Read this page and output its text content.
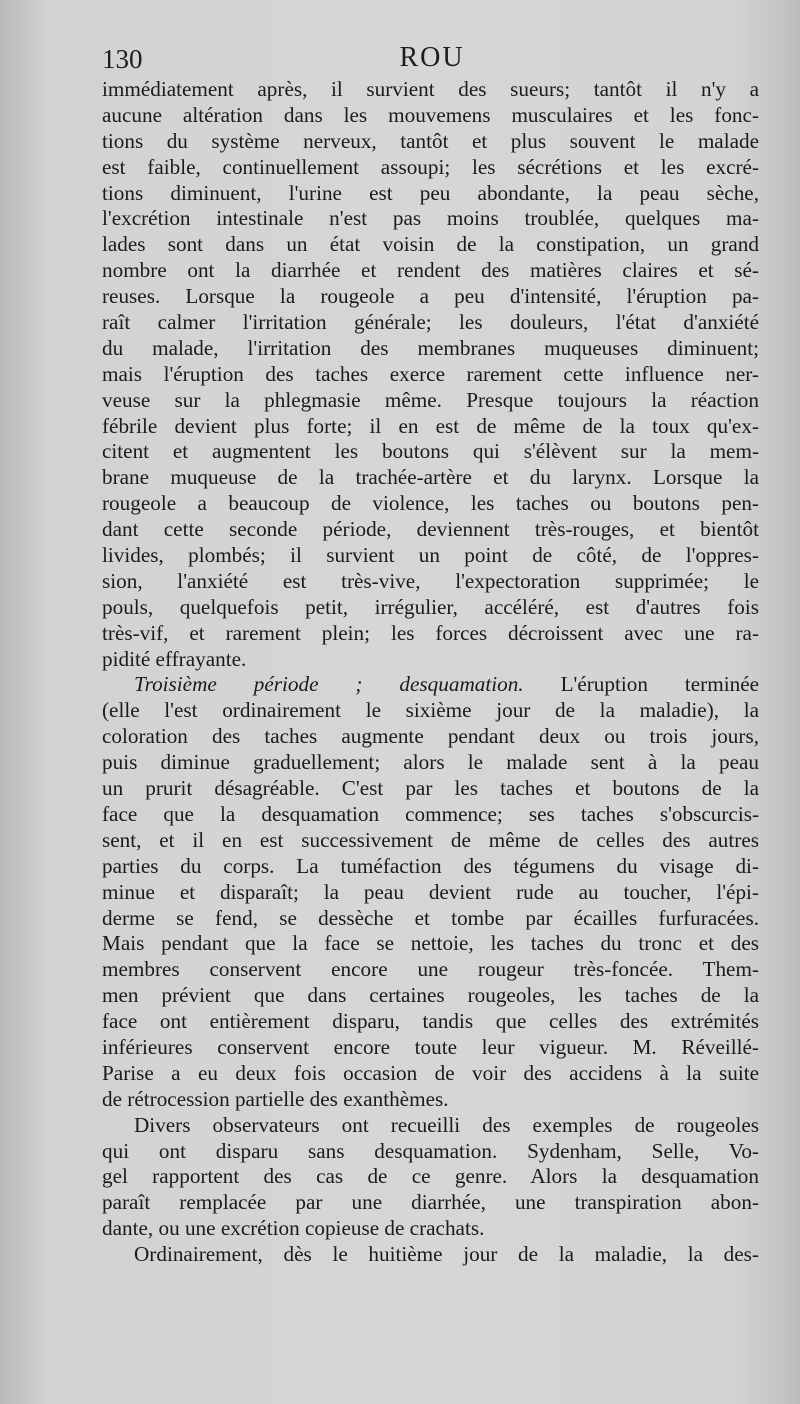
130	ROU
immédiatement après, il survient des sueurs; tantôt il n'y a
aucune altération dans les mouvemens musculaires et les fonc-
tions du système nerveux, tantôt et plus souvent le malade
est faible, continuellement assoupi; les sécrétions et les excré-
tions diminuent, l'urine est peu abondante, la peau sèche,
l'excrétion intestinale n'est pas moins troublée, quelques ma-
lades sont dans un état voisin de la constipation, un grand
nombre ont la diarrhée et rendent des matières claires et sé-
reuses. Lorsque la rougeole a peu d'intensité, l'éruption pa-
raît calmer l'irritation générale; les douleurs, l'état d'anxiété
du malade, l'irritation des membranes muqueuses diminuent;
mais l'éruption des taches exerce rarement cette influence ner-
veuse sur la phlegmasie même. Presque toujours la réaction
fébrile devient plus forte; il en est de même de la toux qu'ex-
citent et augmentent les boutons qui s'élèvent sur la mem-
brane muqueuse de la trachée-artère et du larynx. Lorsque la
rougeole a beaucoup de violence, les taches ou boutons pen-
dant cette seconde période, deviennent très-rouges, et bientôt
livides, plombés; il survient un point de côté, de l'oppres-
sion, l'anxiété est très-vive, l'expectoration supprimée; le
pouls, quelquefois petit, irrégulier, accéléré, est d'autres fois
très-vif, et rarement plein; les forces décroissent avec une ra-
pidité effrayante.
Troisième période ; desquamation. L'éruption terminée
(elle l'est ordinairement le sixième jour de la maladie), la
coloration des taches augmente pendant deux ou trois jours,
puis diminue graduellement; alors le malade sent à la peau
un prurit désagréable. C'est par les taches et boutons de la
face que la desquamation commence; ses taches s'obscurcis-
sent, et il en est successivement de même de celles des autres
parties du corps. La tuméfaction des tégumens du visage di-
minue et disparaît; la peau devient rude au toucher, l'épi-
derme se fend, se dessèche et tombe par écailles furfuracées.
Mais pendant que la face se nettoie, les taches du tronc et des
membres conservent encore une rougeur très-foncée. Them-
men prévient que dans certaines rougeoles, les taches de la
face ont entièrement disparu, tandis que celles des extrémités
inférieures conservent encore toute leur vigueur. M. Réveillé-
Parise a eu deux fois occasion de voir des accidens à la suite
de rétrocession partielle des exanthèmes.
Divers observateurs ont recueilli des exemples de rougeoles
qui ont disparu sans desquamation. Sydenham, Selle, Vo-
gel rapportent des cas de ce genre. Alors la desquamation
paraît remplacée par une diarrhée, une transpiration abon-
dante, ou une excrétion copieuse de crachats.
Ordinairement, dès le huitième jour de la maladie, la des-
